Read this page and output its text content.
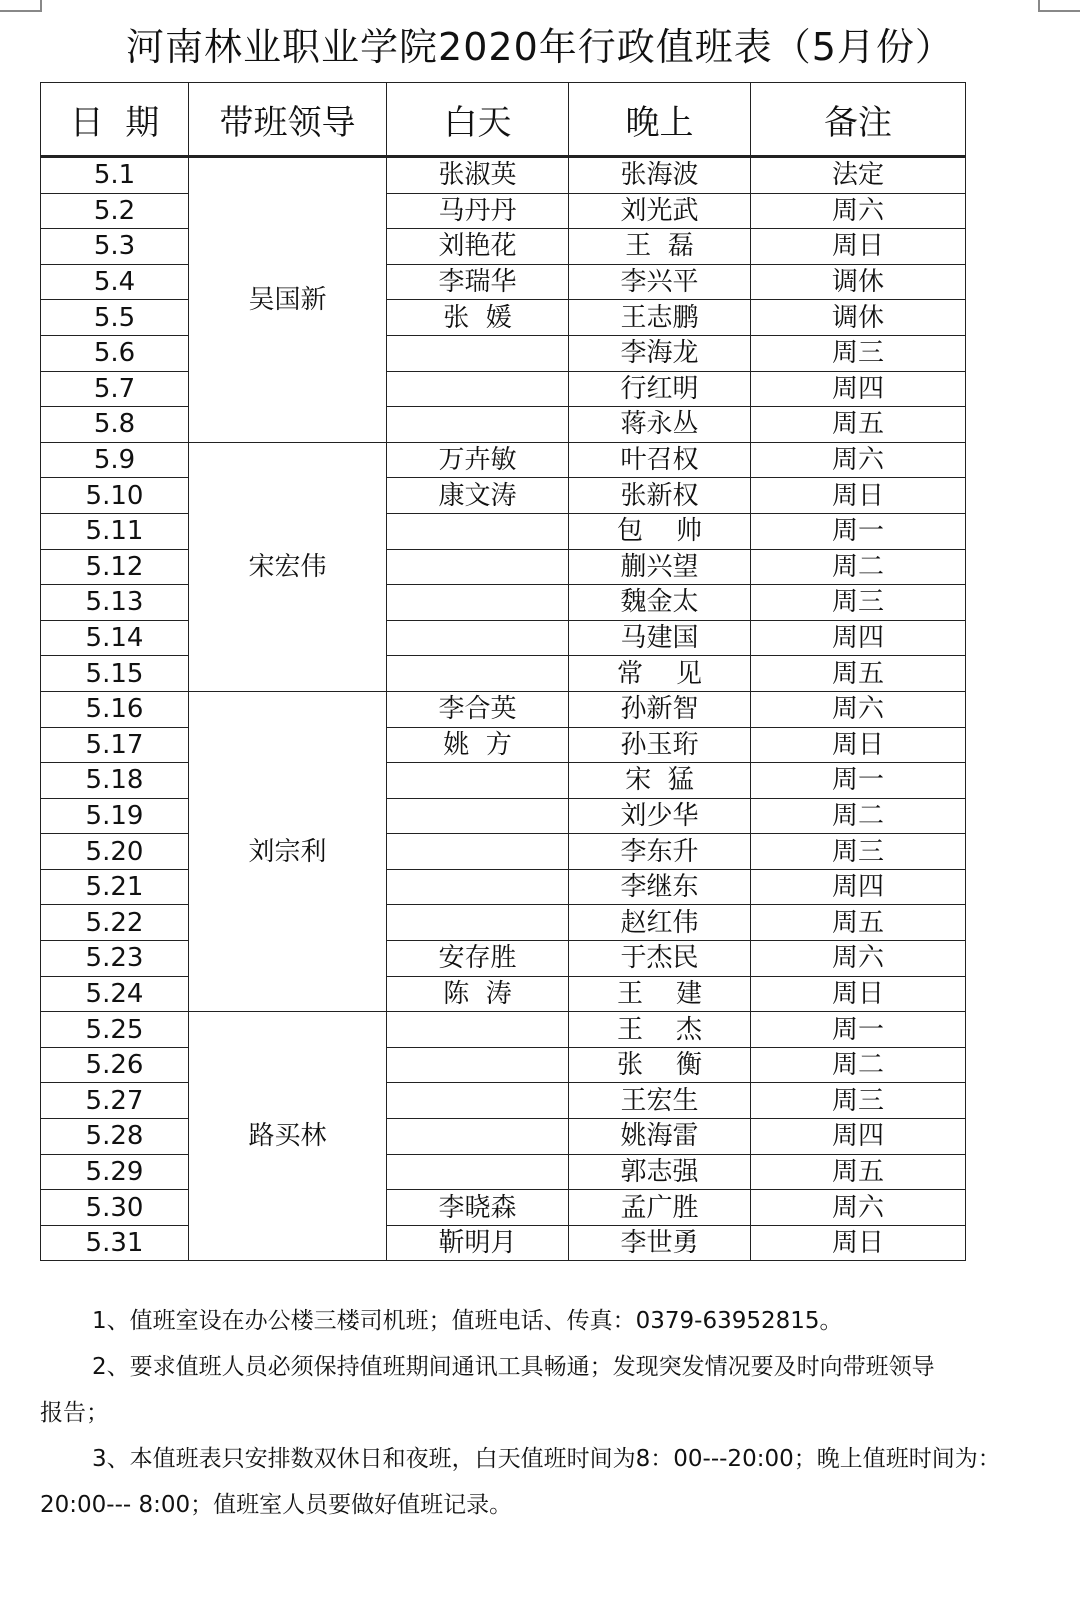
河南林业职业学院2020年行政值班表（5月份）
日  期	带班领导	白天	晚上	备注
5.1	吴国新	张淑英	张海波	法定
5.2		马丹丹	刘光武	周六
5.3		刘艳花	王  磊	周日
5.4		李瑞华	李兴平	调休
5.5		张  媛	王志鹏	调休
5.6			李海龙	周三
5.7			行红明	周四
5.8			蒋永丛	周五
5.9	宋宏伟	万卉敏	叶召权	周六
5.10		康文涛	张新权	周日
5.11			包    帅	周一
5.12			蒯兴望	周二
5.13			魏金太	周三
5.14			马建国	周四
5.15			常    见	周五
5.16	刘宗利	李合英	孙新智	周六
5.17		姚  方	孙玉珩	周日
5.18			宋  猛	周一
5.19			刘少华	周二
5.20			李东升	周三
5.21			李继东	周四
5.22			赵红伟	周五
5.23		安存胜	于杰民	周六
5.24		陈  涛	王    建	周日
5.25	路买林		王    杰	周一
5.26			张    衡	周二
5.27			王宏生	周三
5.28			姚海雷	周四
5.29			郭志强	周五
5.30		李晓森	孟广胜	周六
5.31		靳明月	李世勇	周日

1、值班室设在办公楼三楼司机班；值班电话、传真：0379-63952815。

2、要求值班人员必须保持值班期间通讯工具畅通；发现突发情况要及时向带班领导报告；

3、本值班表只安排数双休日和夜班，白天值班时间为8：00---20:00；晚上值班时间为：20:00--- 8:00；值班室人员要做好值班记录。
